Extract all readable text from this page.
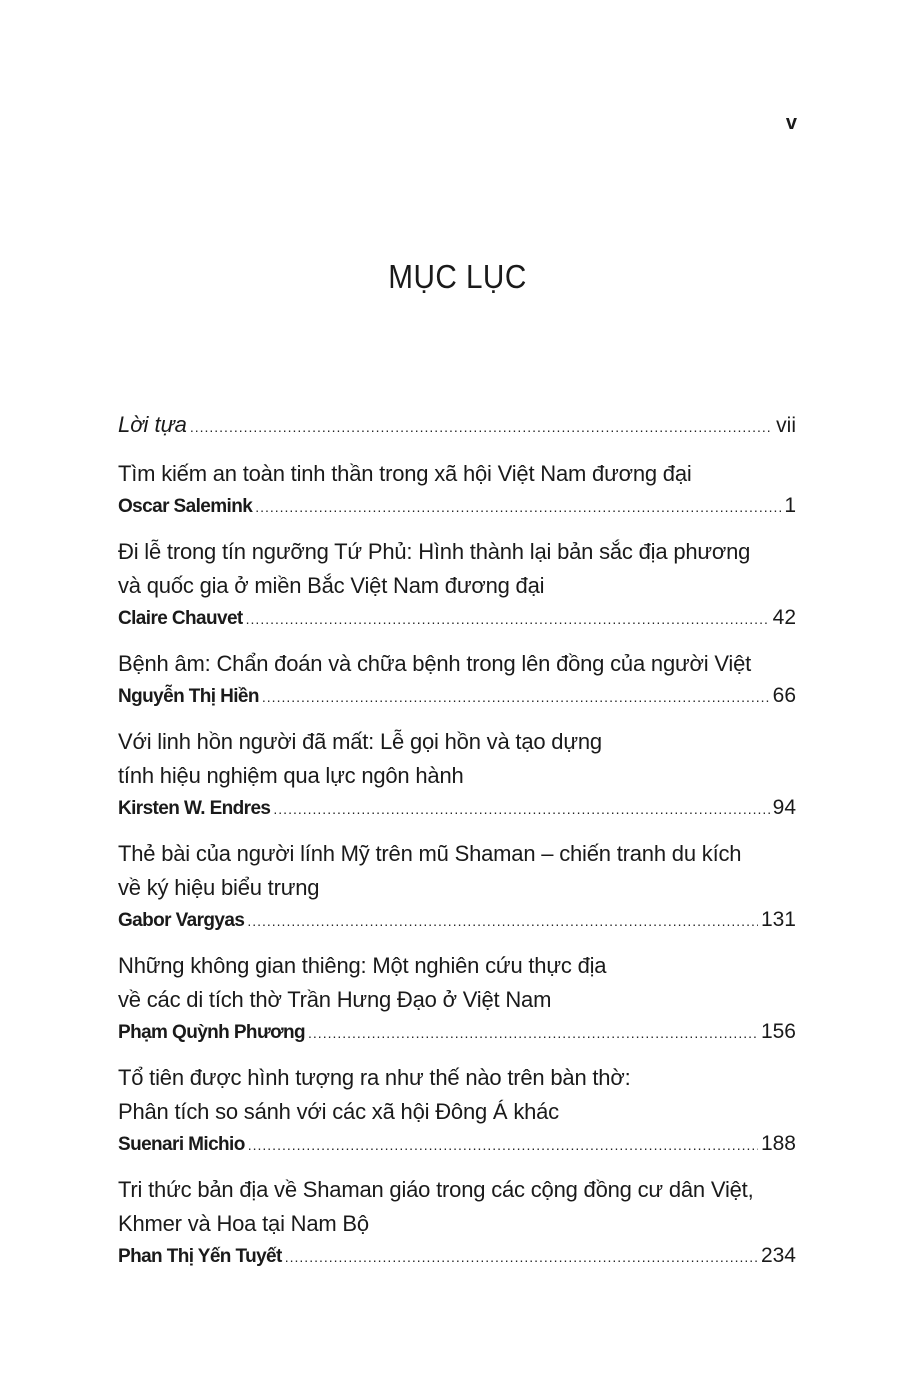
v
MỤC LỤC
Lời tựa .....	vii
Tìm kiếm an toàn tinh thần trong xã hội Việt Nam đương đại
Oscar Salemink .....	1
Đi lễ trong tín ngưỡng Tứ Phủ: Hình thành lại bản sắc địa phương
và quốc gia ở miền Bắc Việt Nam đương đại
Claire Chauvet .....	42
Bệnh âm: Chẩn đoán và chữa bệnh trong lên đồng của người Việt
Nguyễn Thị Hiền .....	66
Với linh hồn người đã mất: Lễ gọi hồn và tạo dựng
tính hiệu nghiệm qua lực ngôn hành
Kirsten W. Endres .....	94
Thẻ bài của người lính Mỹ trên mũ Shaman – chiến tranh du kích
về ký hiệu biểu trưng
Gabor Vargyas .....	131
Những không gian thiêng: Một nghiên cứu thực địa
về các di tích thờ Trần Hưng Đạo ở Việt Nam
Phạm Quỳnh Phương .....	156
Tổ tiên được hình tượng ra như thế nào trên bàn thờ:
Phân tích so sánh với các xã hội Đông Á khác
Suenari Michio .....	188
Tri thức bản địa về Shaman giáo trong các cộng đồng cư dân Việt,
Khmer và Hoa tại Nam Bộ
Phan Thị Yến Tuyết .....	234
